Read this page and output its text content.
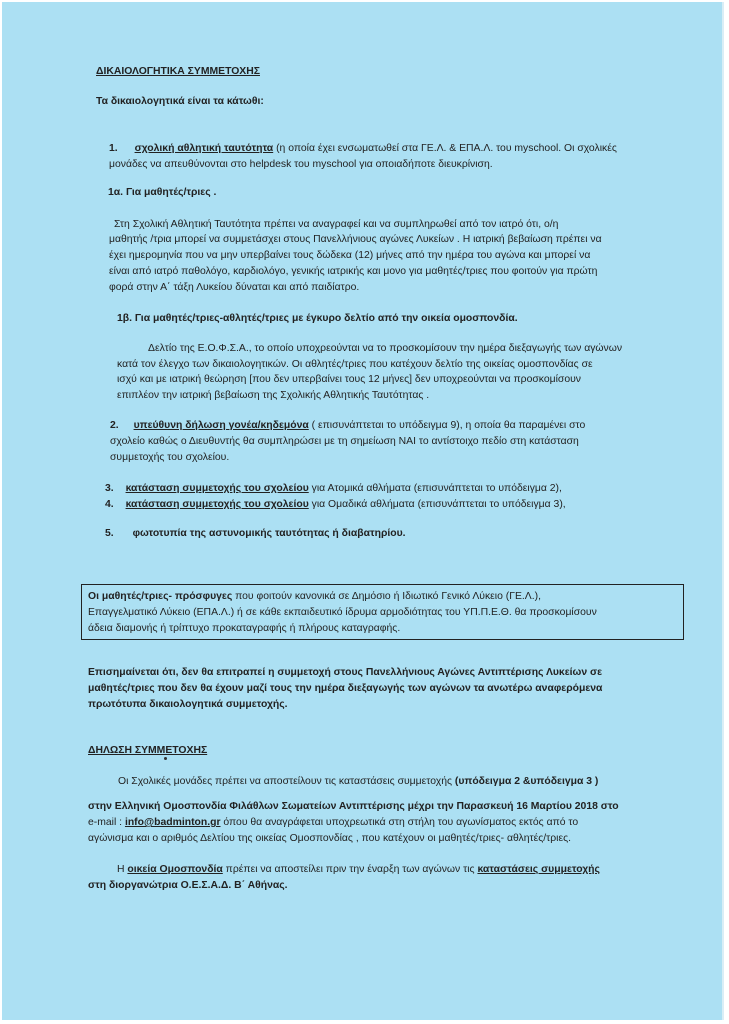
ΔΙΚΑΙΟΛΟΓΗΤΙΚΑ ΣΥΜΜΕΤΟΧΗΣ
Τα δικαιολογητικά είναι τα κάτωθι:
1. σχολική αθλητική ταυτότητα (η οποία έχει ενσωματωθεί στα ΓΕ.Λ. & ΕΠΑ.Λ. του myschool. Οι σχολικές
μονάδες να απευθύνονται στο helpdesk του myschool για οποιαδήποτε διευκρίνιση.
1α. Για μαθητές/τριες .
Στη Σχολική Αθλητική Ταυτότητα πρέπει να αναγραφεί και να συμπληρωθεί από τον ιατρό ότι, ο/η
μαθητής /τρια μπορεί να συμμετάσχει στους Πανελλήνιους αγώνες Λυκείων . Η ιατρική βεβαίωση πρέπει να
έχει ημερομηνία που να μην υπερβαίνει τους δώδεκα (12) μήνες από την ημέρα του αγώνα και μπορεί να
είναι από ιατρό παθολόγο, καρδιολόγο, γενικής ιατρικής και μονο για μαθητές/τριες που φοιτούν για πρώτη
φορά στην Α΄ τάξη Λυκείου δύναται και από παιδίατρο.
1β. Για μαθητές/τριες-αθλητές/τριες με έγκυρο δελτίο από την οικεία ομοσπονδία.
Δελτίο της Ε.Ο.Φ.Σ.Α., το οποίο υποχρεούνται να το προσκομίσουν την ημέρα διεξαγωγής των αγώνων
κατά τον έλεγχο των δικαιολογητικών. Οι αθλητές/τριες που κατέχουν δελτίο της οικείας ομοσπονδίας σε
ισχύ και με ιατρική θεώρηση [που δεν υπερβαίνει τους 12 μήνες] δεν υποχρεούνται να προσκομίσουν
επιπλέον την ιατρική βεβαίωση της Σχολικής Αθλητικής Ταυτότητας .
2. υπεύθυνη δήλωση γονέα/κηδεμόνα ( επισυνάπτεται το υπόδειγμα 9), η οποία θα παραμένει στο
σχολείο καθώς ο Διευθυντής θα συμπληρώσει με τη σημείωση ΝΑΙ το αντίστοιχο πεδίο στη κατάσταση
συμμετοχής του σχολείου.
3. κατάσταση συμμετοχής του σχολείου για Ατομικά αθλήματα (επισυνάπτεται το υπόδειγμα 2),
4. κατάσταση συμμετοχής του σχολείου για Ομαδικά αθλήματα (επισυνάπτεται το υπόδειγμα 3),
5. φωτοτυπία της αστυνομικής ταυτότητας ή διαβατηρίου.
Οι μαθητές/τριες- πρόσφυγες που φοιτούν κανονικά σε Δημόσιο ή Ιδιωτικό Γενικό Λύκειο (ΓΕ.Λ.),
Επαγγελματικό Λύκειο (ΕΠΑ.Λ.) ή σε κάθε εκπαιδευτικό ίδρυμα αρμοδιότητας του ΥΠ.Π.Ε.Θ. θα προσκομίσουν
άδεια διαμονής ή τρίπτυχο προκαταγραφής ή πλήρους καταγραφής.
Επισημαίνεται ότι, δεν θα επιτραπεί η συμμετοχή στους Πανελλήνιους Αγώνες Αντιπτέρισης Λυκείων σε
μαθητές/τριες που δεν θα έχουν μαζί τους την ημέρα διεξαγωγής των αγώνων τα ανωτέρω αναφερόμενα
πρωτότυπα δικαιολογητικά συμμετοχής.
ΔΗΛΩΣΗ ΣΥΜΜΕΤΟΧΗΣ
Οι Σχολικές μονάδες πρέπει να αποστείλουν τις καταστάσεις συμμετοχής (υπόδειγμα 2 &υπόδειγμα 3 )
στην Ελληνική Ομοσπονδία Φιλάθλων Σωματείων Αντιπτέρισης μέχρι την Παρασκευή 16 Μαρτίου 2018 στο
e-mail : info@badminton.gr όπου θα αναγράφεται υποχρεωτικά στη στήλη του αγωνίσματος εκτός από το
αγώνισμα και ο αριθμός Δελτίου της οικείας Ομοσπονδίας , που κατέχουν οι μαθητές/τριες- αθλητές/τριες.
Η οικεία Ομοσπονδία πρέπει να αποστείλει πριν την έναρξη των αγώνων τις καταστάσεις συμμετοχής
στη διοργανώτρια Ο.Ε.Σ.Α.Δ. Β΄ Αθήνας.
